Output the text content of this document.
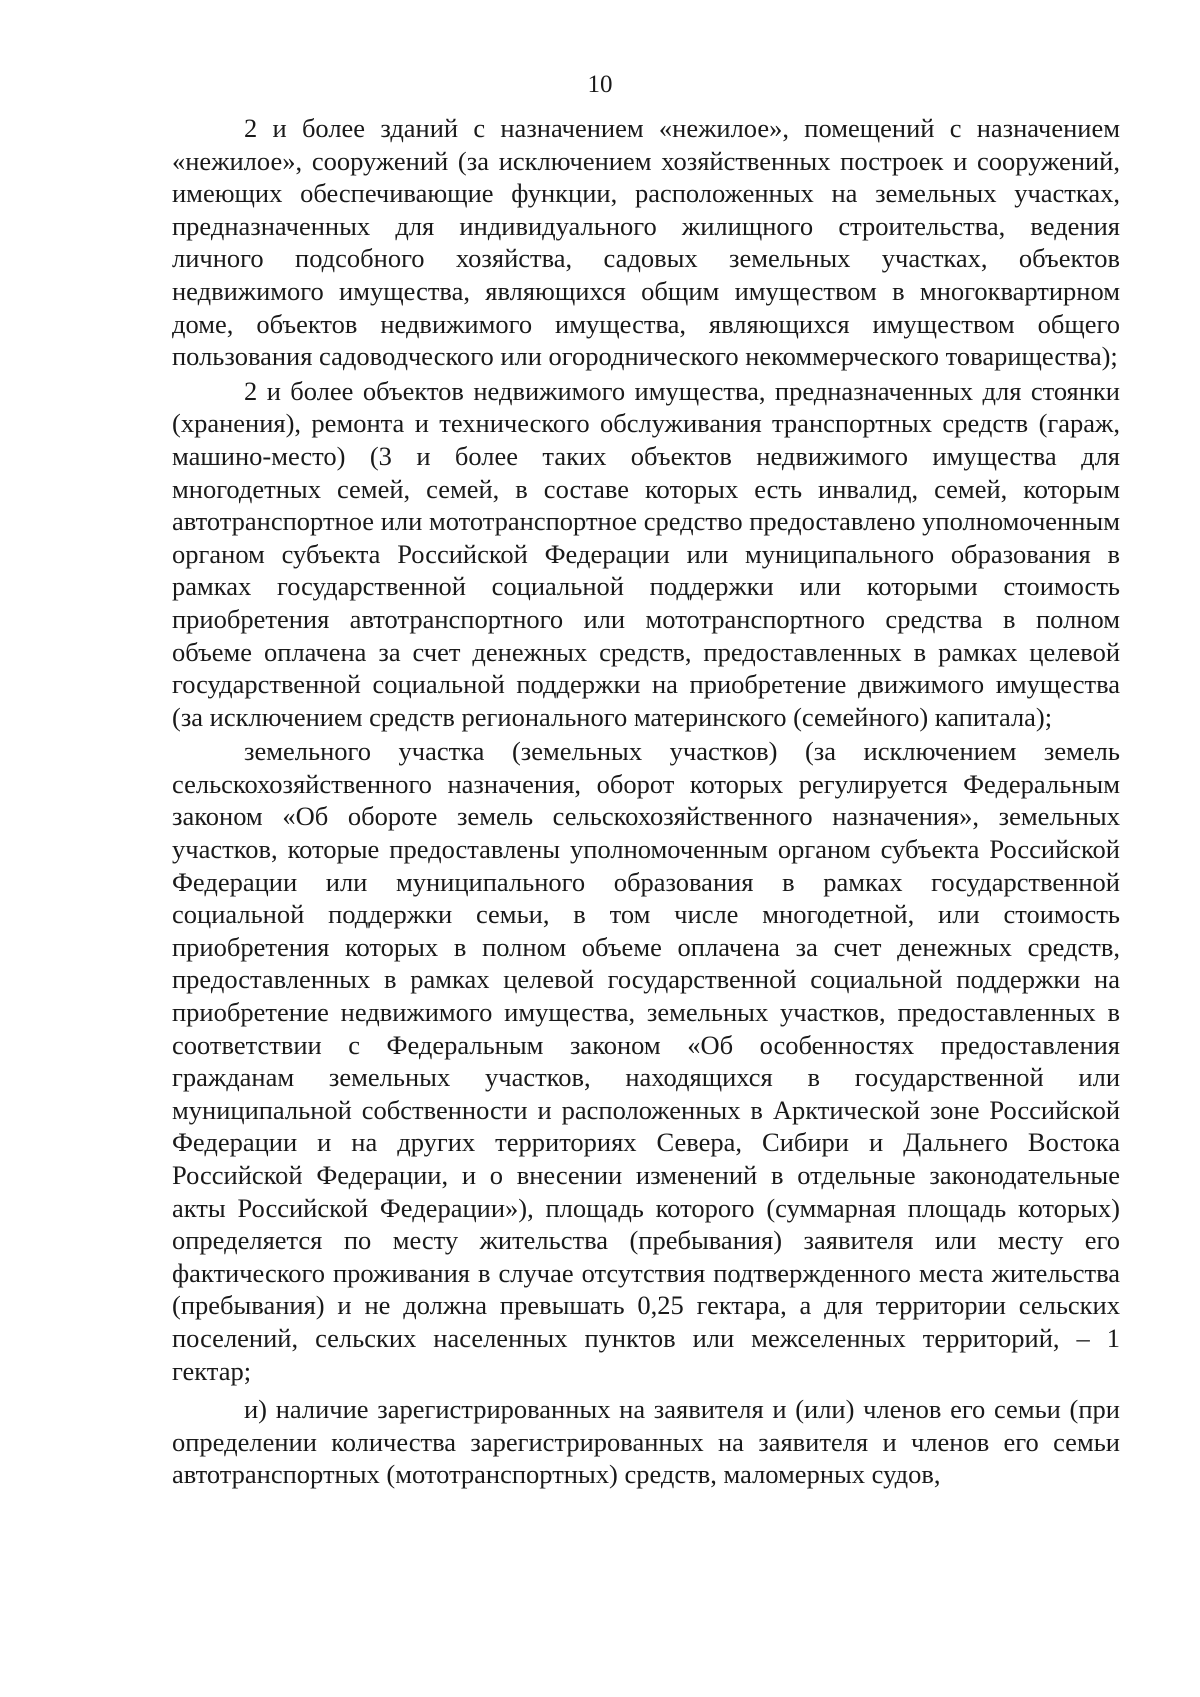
10

2 и более зданий с назначением «нежилое», помещений с назначением «нежилое», сооружений (за исключением хозяйственных построек и сооружений, имеющих обеспечивающие функции, расположенных на земельных участках, предназначенных для индивидуального жилищного строительства, ведения личного подсобного хозяйства, садовых земельных участках, объектов недвижимого имущества, являющихся общим имуществом в многоквартирном доме, объектов недвижимого имущества, являющихся имуществом общего пользования садоводческого или огороднического некоммерческого товарищества);

2 и более объектов недвижимого имущества, предназначенных для стоянки (хранения), ремонта и технического обслуживания транспортных средств (гараж, машино-место) (3 и более таких объектов недвижимого имущества для многодетных семей, семей, в составе которых есть инвалид, семей, которым автотранспортное или мототранспортное средство предоставлено уполномоченным органом субъекта Российской Федерации или муниципального образования в рамках государственной социальной поддержки или которыми стоимость приобретения автотранспортного или мототранспортного средства в полном объеме оплачена за счет денежных средств, предоставленных в рамках целевой государственной социальной поддержки на приобретение движимого имущества (за исключением средств регионального материнского (семейного) капитала);

земельного участка (земельных участков) (за исключением земель сельскохозяйственного назначения, оборот которых регулируется Федеральным законом «Об обороте земель сельскохозяйственного назначения», земельных участков, которые предоставлены уполномоченным органом субъекта Российской Федерации или муниципального образования в рамках государственной социальной поддержки семьи, в том числе многодетной, или стоимость приобретения которых в полном объеме оплачена за счет денежных средств, предоставленных в рамках целевой государственной социальной поддержки на приобретение недвижимого имущества, земельных участков, предоставленных в соответствии с Федеральным законом «Об особенностях предоставления гражданам земельных участков, находящихся в государственной или муниципальной собственности и расположенных в Арктической зоне Российской Федерации и на других территориях Севера, Сибири и Дальнего Востока Российской Федерации, и о внесении изменений в отдельные законодательные акты Российской Федерации»), площадь которого (суммарная площадь которых) определяется по месту жительства (пребывания) заявителя или месту его фактического проживания в случае отсутствия подтвержденного места жительства (пребывания) и не должна превышать 0,25 гектара, а для территории сельских поселений, сельских населенных пунктов или межселенных территорий, – 1 гектар;

и) наличие зарегистрированных на заявителя и (или) членов его семьи (при определении количества зарегистрированных на заявителя и членов его семьи автотранспортных (мототранспортных) средств, маломерных судов,
